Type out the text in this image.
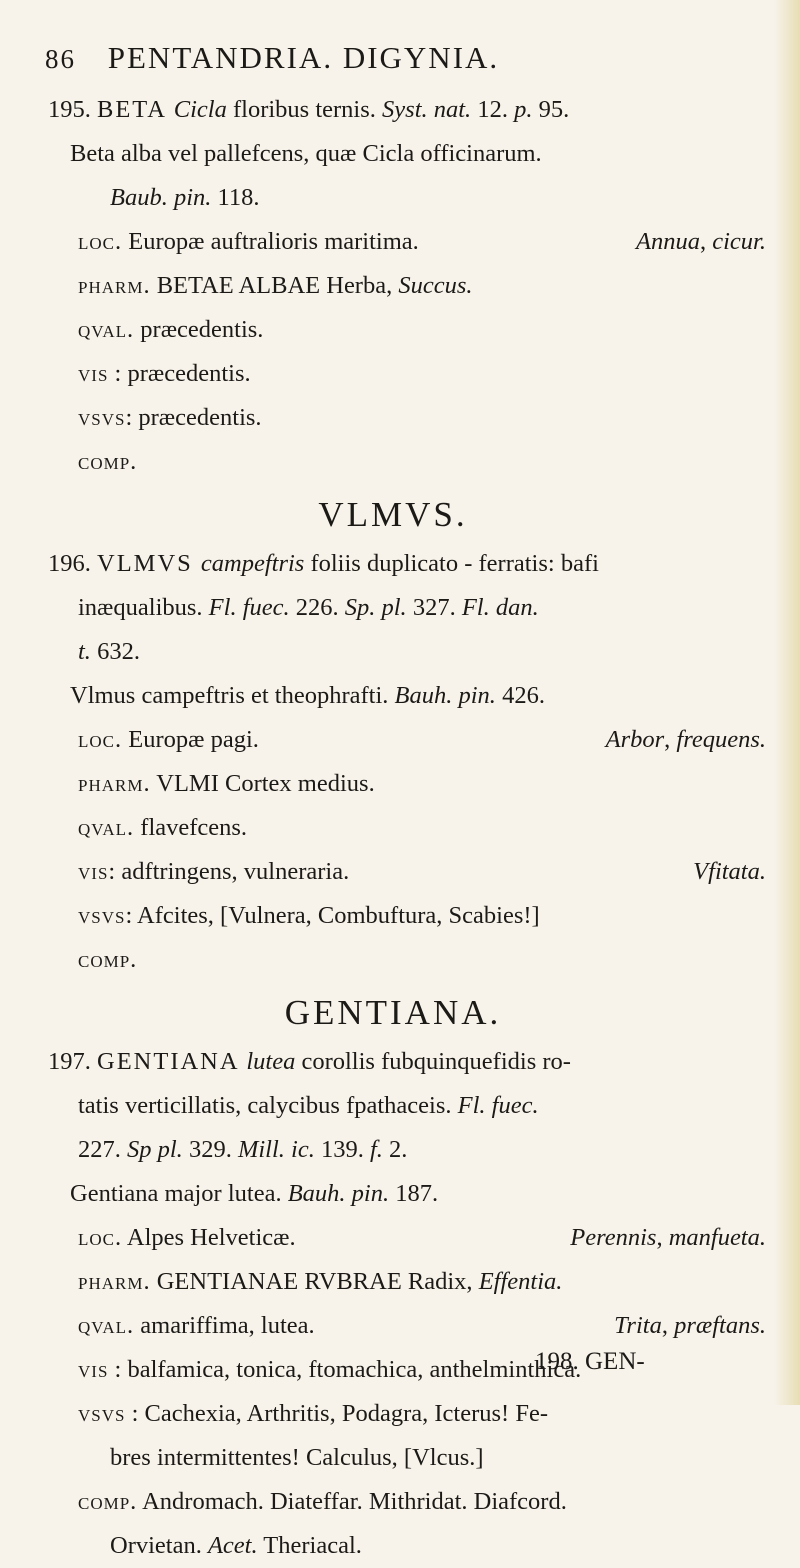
86 PENTANDRIA. DIGYNIA.
195. BETA Cicla floribus ternis. Syst. nat. 12. p. 95.
Beta alba vel pallefcens, quæ Cicla officinarum.
Baub. pin. 118.
loc. Europæ auftralioris maritima.	Annua, cicur.
pharm. BETAE ALBAE Herba, Succus.
qval. præcedentis.
vis : præcedentis.
vsvs: præcedentis.
comp.
VLMVS.
196. VLMVS campeftris foliis duplicato - ferratis: bafi
inæqualibus. Fl. fuec. 226. Sp. pl. 327. Fl. dan.
t. 632.
Vlmus campeftris et theophrafti. Bauh. pin. 426.
loc. Europæ pagi.	Arbor, frequens.
pharm. VLMI Cortex medius.
qval. flavefcens.
vis: adftringens, vulneraria.	Vfitata.
vsvs: Afcites, [Vulnera, Combuftura, Scabies!]
comp.
GENTIANA.
197. GENTIANA lutea corollis fubquinquefidis ro-
tatis verticillatis, calycibus fpathaceis. Fl. fuec.
227. Sp pl. 329. Mill. ic. 139. f. 2.
Gentiana major lutea. Bauh. pin. 187.
loc. Alpes Helveticæ.	Perennis, manfueta.
pharm. GENTIANAE RVBRAE Radix, Effentia.
qval. amariffima, lutea.	Trita, præftans.
vis : balfamica, tonica, ftomachica, anthelminthica.
vsvs : Cachexia, Arthritis, Podagra, Icterus! Fe-
bres intermittentes! Calculus, [Vlcus.]
comp. Andromach. Diateffar. Mithridat. Diafcord.
Orvietan. Acet. Theriacal.
198. GEN-
